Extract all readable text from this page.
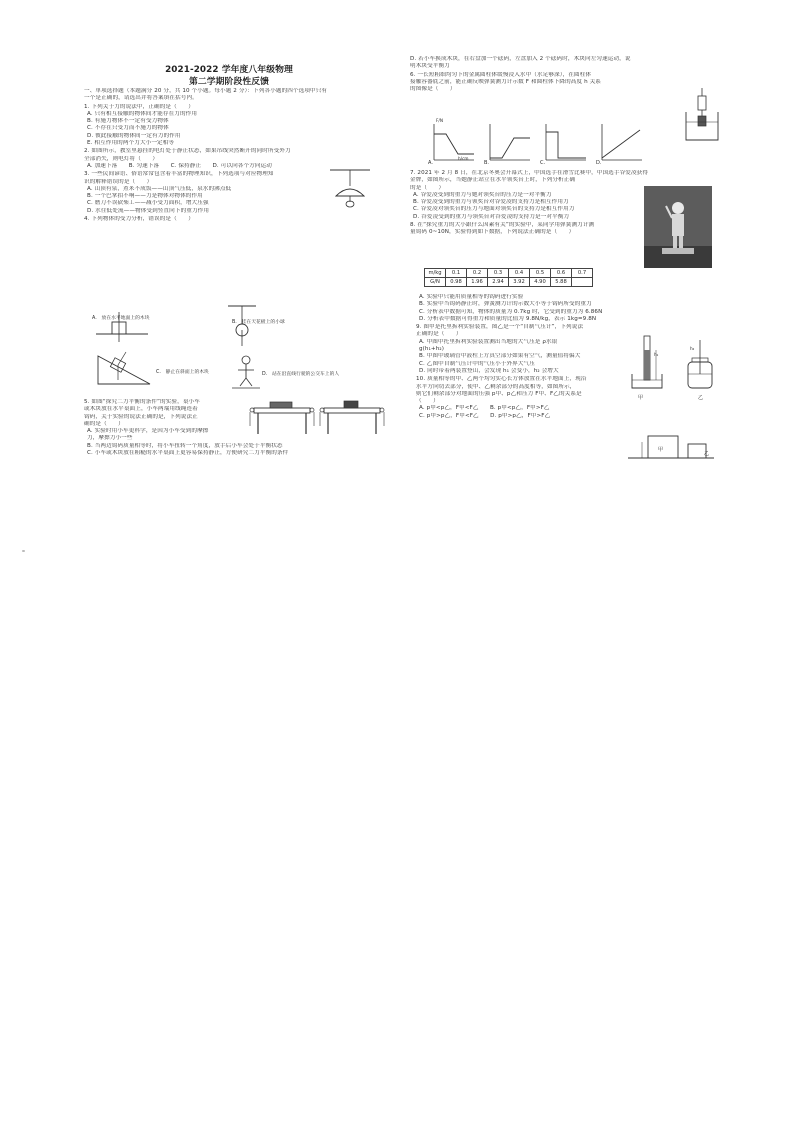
2021-2022 学年度八年级物理
第二学期阶段性反馈
一、单项选择题（本题满分 20 分，共 10 个小题。每小题 2 分）：下列各小题的四个选项中只有
一个是正确的，请选出并将答案填在括号内。
1. 下列关于力的说法中，正确的是（　　）
A. 只有相互接触的物体间才能存在力的作用
B. 有施力物体不一定有受力物体
C. 不存在只受力而不施力的物体
D. 彼此接触的物体间一定有力的作用
E. 相互作用的两个力大小一定相等
2. 如图所示，教室里悬挂的电灯处于静止状态，如果吊线突然断开的同时所受外力
全部消失，则电灯将（　　）
A. 加速下落　　B. 匀速下落　　C. 保持静止　　D. 可以向各个方向运动
3. 一些民间谚语、俗语常常包含着丰富的物理知识，下列选项与对应物理知
识的解释错误的是（　　）
A. 山顶有泉，煮米不成饭——山顶气压低，泉水的沸点低
B. 一个巴掌拍不响——力是物体对物体的作用
C. 磨刀不误砍柴工——减小受力面积，增大压强
D. 水往低处流——物体受到竖直向下的重力作用
4. 下列物体的受力分析，错误的是（　　）
A.　放在水平地面上的木块
B.　挂在天花板上的小球
C.　静止在斜面上的木块	D.　站在沿直线行驶的公交车上的人
5. 如图“探究二力平衡的条件”的实验，桌小车
或木块放在水平桌面上，小车两端用线绳连着
钩码，关于实验的说法正确的是，下列说法正
确的是（　　）
A. 实验时用小车更科学，是因为小车受到的摩擦
力，摩擦力小一些
B. 当两边钩码质量相等时，将小车扭转一个角度，放手后小车会处于平衡状态
C. 小车或木块放在粗糙的水平桌面上更容易保持静止，方便研究二力平衡的条件
D. 若小车换成木块，在右盘加一个砝码，左盘加入 2 个砝码时，木块向左匀速运动，说
明木块受平衡力
6. 一长短粗细均匀下的金属圆柱体缓慢浸入水中（水足够深），在圆柱体
接触容器底之前，能正确反映弹簧测力计示数 F 和圆柱体下降的高度 h 关系
的图像是（　　）
A.	B.	C.	D.
F/N
h/cm
7. 2021 年 2 月 8 日，在北京冬奥会开幕式上，中国选手在滑雪比赛中，中国选手谷爱凌获得
金牌，如图所示，当她静止站立在水平领奖台上时，下列分析正确
的是（　　）
A. 谷爱凌受到的重力与她对领奖台的压力是一对平衡力
B. 谷爱凌受到的重力与领奖台对谷爱凌的支持力是相互作用力
C. 谷爱凌对领奖台的压力与地面对领奖台的支持力是相互作用力
D. 谷爱凌受到的重力与领奖台对谷爱凌的支持力是一对平衡力
8. 在“探究重力的大小跟什么因素有关”的实验中，某同学用弹簧测力计测
量钩码 0~10N，实验得到如下数据，下列说法正确的是（　　）
m/kg	0.1	0.2	0.3	0.4	0.5	0.6	0.7
G/N	0.98	1.96	2.94	3.92	4.90	5.88	
A. 实验中只能用质量相等的钩码进行实验
B. 实验中当钩码静止时，弹簧测力计的示数大小等于钩码所受的重力
C. 分析表中数据可知，物体的质量为 0.7kg 时，它受到的重力为 6.86N
D. 分析表中数据可得重力和质量的比值为 9.8N/kg，表示 1kg=9.8N
9. 图甲是托里拆利实验装置，图乙是一个“自制气压计”，下列说法
正确的是（　　）
A. 甲图中托里拆利实验装置测出当地的大气压是 ρ水银
g(h₁+h₂)
B. 甲图中玻璃管中液柱上方真空部分如果有空气，测量值将偏大
C. 乙图中自制气压计中的气压小于外界大气压
D. 同时带着两装置登山，会发现 h₁ 会变小，h₂ 会增大
10. 质量相等的甲、乙两个均匀实心长方体放置在水平地面上，现沿
水平方向切去部分，使甲、乙剩余部分的高度相等，如图所示，
则它们剩余部分对地面的压强 p甲、p乙和压力 F甲、F乙的关系是
（　　）
A. p甲<p乙，F甲<F乙　　B. p甲<p乙，F甲>F乙
C. p甲>p乙，F甲<F乙　　D. p甲>p乙，F甲>F乙
甲	乙
h₁
h₂
甲
乙
